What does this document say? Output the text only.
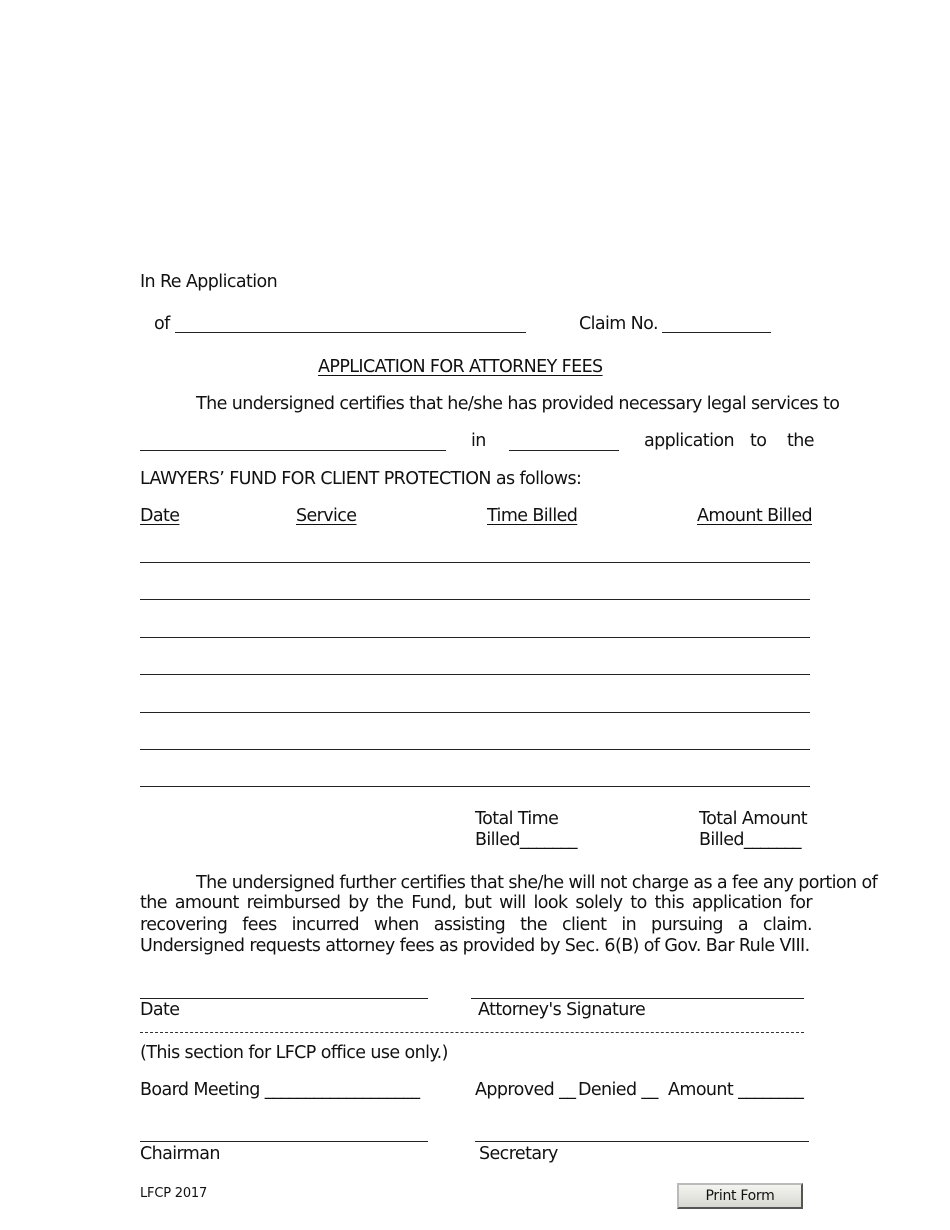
In Re Application
of	Claim No.
APPLICATION FOR ATTORNEY FEES
The undersigned certifies that he/she has provided necessary legal services to
in	application to the
LAWYERS’ FUND FOR CLIENT PROTECTION as follows:
Date	Service	Time Billed	Amount Billed
Total Time
Billed_______
Total Amount
Billed_______
The undersigned further certifies that she/he will not charge as a fee any portion of
the amount reimbursed by the Fund, but will look solely to this application for recovering fees incurred when assisting the client in pursuing a claim. Undersigned requests attorney fees as provided by Sec. 6(B) of Gov. Bar Rule VIII.
Date	Attorney's Signature
(This section for LFCP office use only.)
Board Meeting ___________________	Approved __ Denied __ Amount ________
Chairman	Secretary
LFCP 2017	Print Form
